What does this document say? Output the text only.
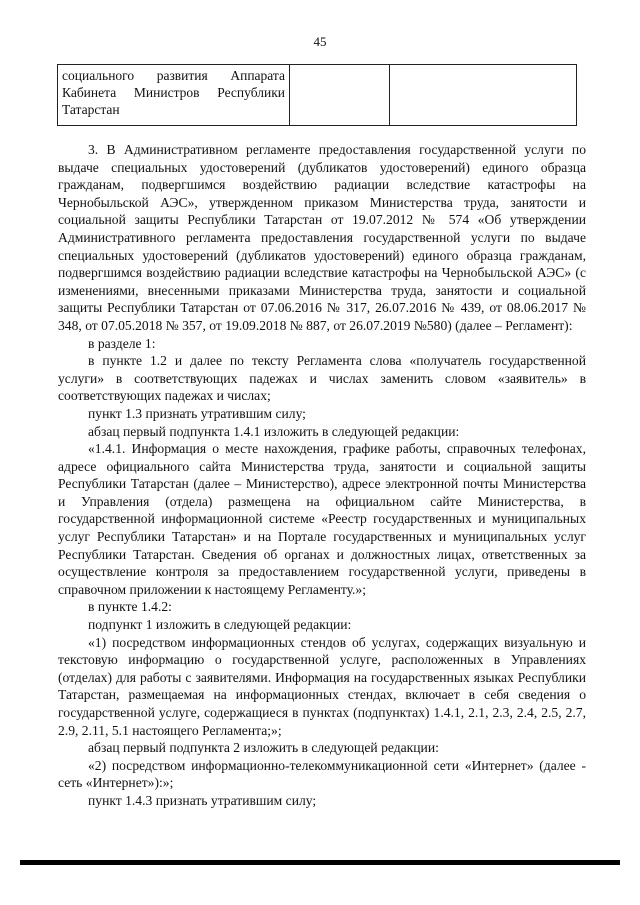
45
социального развития Аппарата
Кабинета Министров Республики
Татарстан

3. В Административном регламенте предоставления государственной услуги по выдаче специальных удостоверений (дубликатов удостоверений) единого образца гражданам, подвергшимся воздействию радиации вследствие катастрофы на Чернобыльской АЭС», утвержденном приказом Министерства труда, занятости и социальной защиты Республики Татарстан от 19.07.2012 № 574 «Об утверждении Административного регламента предоставления государственной услуги по выдаче специальных удостоверений (дубликатов удостоверений) единого образца гражданам, подвергшимся воздействию радиации вследствие катастрофы на Чернобыльской АЭС» (с изменениями, внесенными приказами Министерства труда, занятости и социальной защиты Республики Татарстан от 07.06.2016 № 317, 26.07.2016 № 439, от 08.06.2017 № 348, от 07.05.2018 № 357, от 19.09.2018 № 887, от 26.07.2019 №580) (далее – Регламент):

в разделе 1:

в пункте 1.2 и далее по тексту Регламента слова «получатель государственной услуги» в соответствующих падежах и числах заменить словом «заявитель» в соответствующих падежах и числах;

пункт 1.3 признать утратившим силу;

абзац первый подпункта 1.4.1 изложить в следующей редакции:

«1.4.1. Информация о месте нахождения, графике работы, справочных телефонах, адресе официального сайта Министерства труда, занятости и социальной защиты Республики Татарстан (далее – Министерство), адресе электронной почты Министерства и Управления (отдела) размещена на официальном сайте Министерства, в государственной информационной системе «Реестр государственных и муниципальных услуг Республики Татарстан» и на Портале государственных и муниципальных услуг Республики Татарстан. Сведения об органах и должностных лицах, ответственных за осуществление контроля за предоставлением государственной услуги, приведены в справочном приложении к настоящему Регламенту.»;

в пункте 1.4.2:

подпункт 1 изложить в следующей редакции:

«1) посредством информационных стендов об услугах, содержащих визуальную и текстовую информацию о государственной услуге, расположенных в Управлениях (отделах) для работы с заявителями. Информация на государственных языках Республики Татарстан, размещаемая на информационных стендах, включает в себя сведения о государственной услуге, содержащиеся в пунктах (подпунктах) 1.4.1, 2.1, 2.3, 2.4, 2.5, 2.7, 2.9, 2.11, 5.1 настоящего Регламента;»;

абзац первый подпункта 2 изложить в следующей редакции:

«2) посредством информационно-телекоммуникационной сети «Интернет» (далее - сеть «Интернет»):»;

пункт 1.4.3 признать утратившим силу;
